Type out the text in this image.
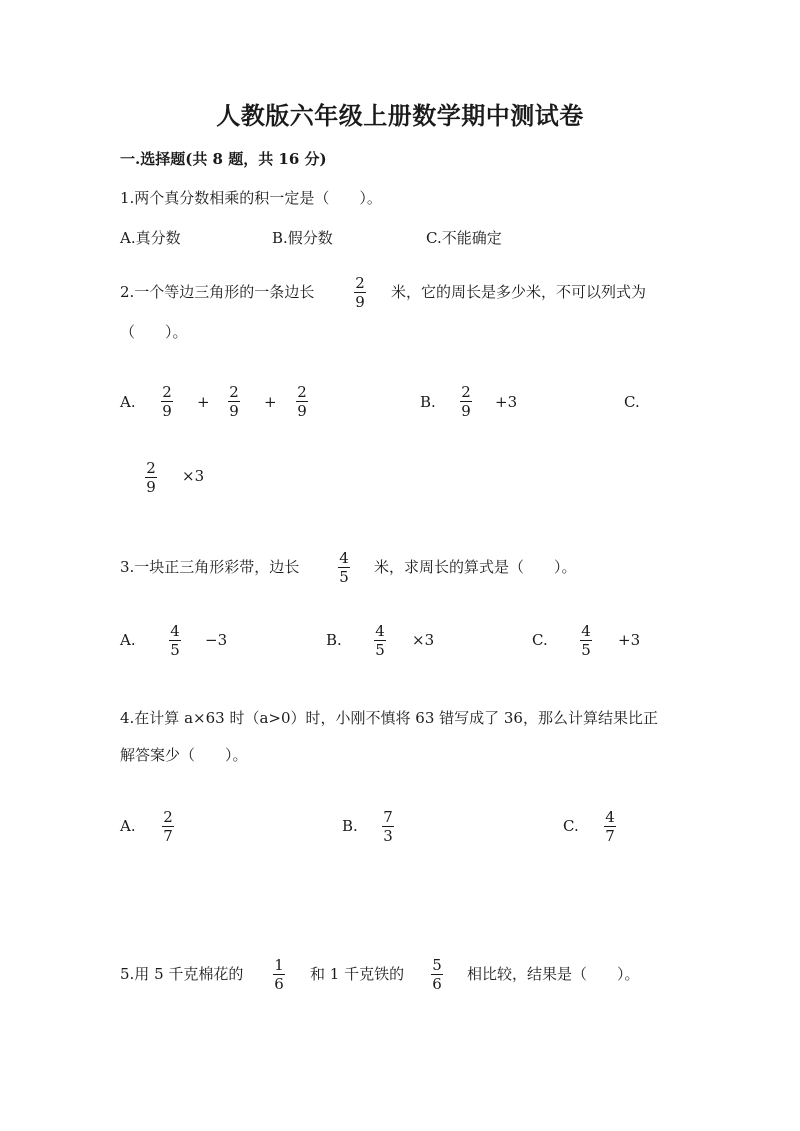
人教版六年级上册数学期中测试卷
一.选择题(共 8 题，共 16 分)
1.两个真分数相乘的积一定是（　　）。
A.真分数	B.假分数	C.不能确定
2.一个等边三角形的一条边长	2
9
米，它的周长是多少米，不可以列式为
（　　）。
A.
2
9	+
2
9	+
2
9	B.
2
9	+3	C.
2
9
×3
3.一块正三角形彩带，边长	4
5
米，求周长的算式是（　　）。
A.	4
5
−3	B.	4
5
×3	C.	4
5
+3
4.在计算 a×63 时（a>0）时，小刚不慎将 63 错写成了 36，那么计算结果比正
解答案少（　　）。
A.	2
7
B.	7
3
C.	4
7
5.用 5 千克棉花的	1
6
和 1 千克铁的	5
6
相比较，结果是（　　）。
